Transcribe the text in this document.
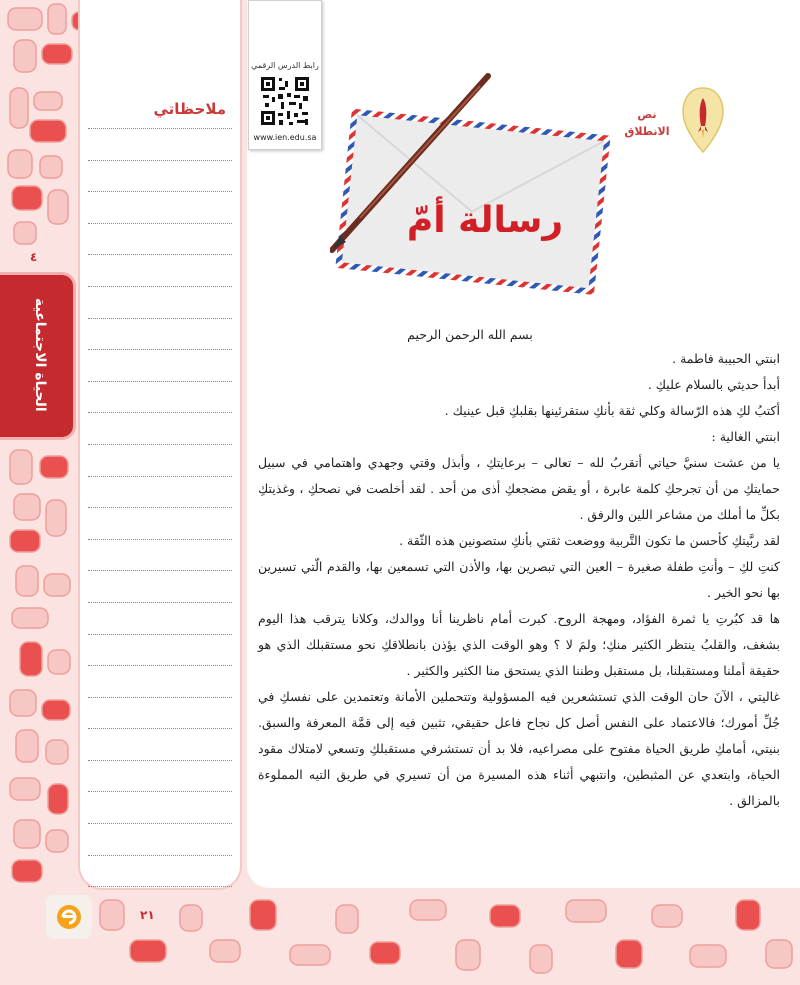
ملاحظاتي
٤
الحياة الاجتماعية
رابط الدرس الرقمي
www.ien.edu.sa
نص
الانطلاق
رسالة أمّ
بسم الله الرحمن الرحيم

ابنتي الحبيبة فاطمة .

أبدأ حديثي بالسلام عليكِ .

أكتبُ لكِ هذه الرّسالة وكلي ثقة بأنكِ ستقرئينها بقلبكِ قبل عينيك .

ابنتي الغالية :

يا من عشت سنيَّ حياتي أتقربُ لله – تعالى – برعايتكِ ، وأبذل وقتي وجهدي واهتمامي في سبيل حمايتكِ من أن تجرحكِ كلمة عابرة ، أو يقض مضجعكِ أذى من أحد . لقد أخلصت في نصحكِ ، وغذيتكِ بكلِّ ما أملك من مشاعر اللين والرفق .

لقد ربَّيتكِ كأحسن ما تكون التَّربية ووضعت ثقتي بأنكِ ستصونين هذه الثّقة .

كنتِ لكِ – وأنتِ طفلة صغيرة – العين التي تبصرين بها، والأذن التي تسمعين بها، والقدم الّتي تسيرين بها نحو الخير .

ها قد كبُرتِ يا ثمرة الفؤاد، ومهجة الروح. كبرت أمام ناظرينا أنا ووالدك، وكلانا يترقب هذا اليوم بشغف، والقلبُ ينتظر الكثير منكِ؛ ولمَ لا ؟ وهو الوقت الذي يؤذن بانطلاقكِ نحو مستقبلك الذي هو حقيقة أملنا ومستقبلنا، بل مستقبل وطننا الذي يستحق منا الكثير والكثير .

غاليتي ، الآنَ حان الوقت الذي تستشعرين فيه المسؤولية وتتحملين الأمانة وتعتمدين على نفسكِ في جُلِّ أمورك؛ فالاعتماد على النفس أصل كل نجاح فاعل حقيقي، تثبين فيه إلى قمَّة المعرفة والسبق. بنيتي، أمامكِ طريق الحياة مفتوح على مصراعيه، فلا بد أن تستشرفي مستقبلكِ وتسعي لامتلاك مقود الحياة، وابتعدي عن المثبطين، وانتبهي أثناء هذه المسيرة من أن تسيري في طريق التيه المملوءة بالمزالق .

٢١
